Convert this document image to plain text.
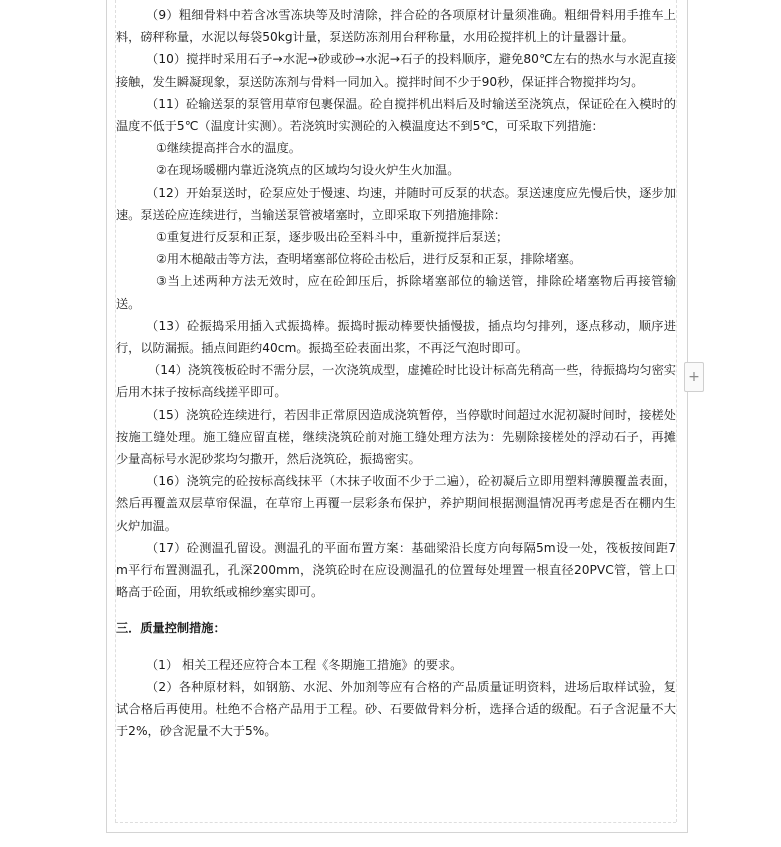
（9）粗细骨料中若含冰雪冻块等及时清除，拌合砼的各项原材计量须准确。粗细骨料用手推车上料，磅秤称量，水泥以每袋50kg计量，泵送防冻剂用台秤称量，水用砼搅拌机上的计量器计量。

（10）搅拌时采用石子→水泥→砂或砂→水泥→石子的投料顺序，避免80℃左右的热水与水泥直接接触，发生瞬凝现象，泵送防冻剂与骨料一同加入。搅拌时间不少于90秒，保证拌合物搅拌均匀。

（11）砼输送泵的泵管用草帘包裹保温。砼自搅拌机出料后及时输送至浇筑点，保证砼在入模时的温度不低于5℃（温度计实测）。若浇筑时实测砼的入模温度达不到5℃，可采取下列措施：

①继续提高拌合水的温度。

②在现场暖棚内靠近浇筑点的区域均匀设火炉生火加温。

（12）开始泵送时，砼泵应处于慢速、均速，并随时可反泵的状态。泵送速度应先慢后快，逐步加速。泵送砼应连续进行，当输送泵管被堵塞时，立即采取下列措施排除：

①重复进行反泵和正泵，逐步吸出砼至料斗中，重新搅拌后泵送；

②用木槌敲击等方法，查明堵塞部位将砼击松后，进行反泵和正泵，排除堵塞。

③当上述两种方法无效时，应在砼卸压后，拆除堵塞部位的输送管，排除砼堵塞物后再接管输送。

（13）砼振捣采用插入式振捣棒。振捣时振动棒要快插慢拔，插点均匀排列，逐点移动，顺序进行，以防漏振。插点间距约40cm。振捣至砼表面出浆，不再泛气泡时即可。

（14）浇筑筏板砼时不需分层，一次浇筑成型，虚摊砼时比设计标高先稍高一些，待振捣均匀密实后用木抹子按标高线搓平即可。

（15）浇筑砼连续进行，若因非正常原因造成浇筑暂停，当停歇时间超过水泥初凝时间时，接槎处按施工缝处理。施工缝应留直槎，继续浇筑砼前对施工缝处理方法为：先剔除接槎处的浮动石子，再摊少量高标号水泥砂浆均匀撒开，然后浇筑砼，振捣密实。

（16）浇筑完的砼按标高线抹平（木抹子收面不少于二遍），砼初凝后立即用塑料薄膜覆盖表面，然后再覆盖双层草帘保温，在草帘上再覆一层彩条布保护，养护期间根据测温情况再考虑是否在棚内生火炉加温。

（17）砼测温孔留设。测温孔的平面布置方案：基础梁沿长度方向每隔5m设一处，筏板按间距7m平行布置测温孔，孔深200mm，浇筑砼时在应设测温孔的位置每处埋置一根直径20PVC管，管上口略高于砼面，用软纸或棉纱塞实即可。

三．质量控制措施：

（1） 相关工程还应符合本工程《冬期施工措施》的要求。

（2）各种原材料，如钢筋、水泥、外加剂等应有合格的产品质量证明资料，进场后取样试验，复试合格后再使用。杜绝不合格产品用于工程。砂、石要做骨料分析，选择合适的级配。石子含泥量不大于2%，砂含泥量不大于5%。

+
